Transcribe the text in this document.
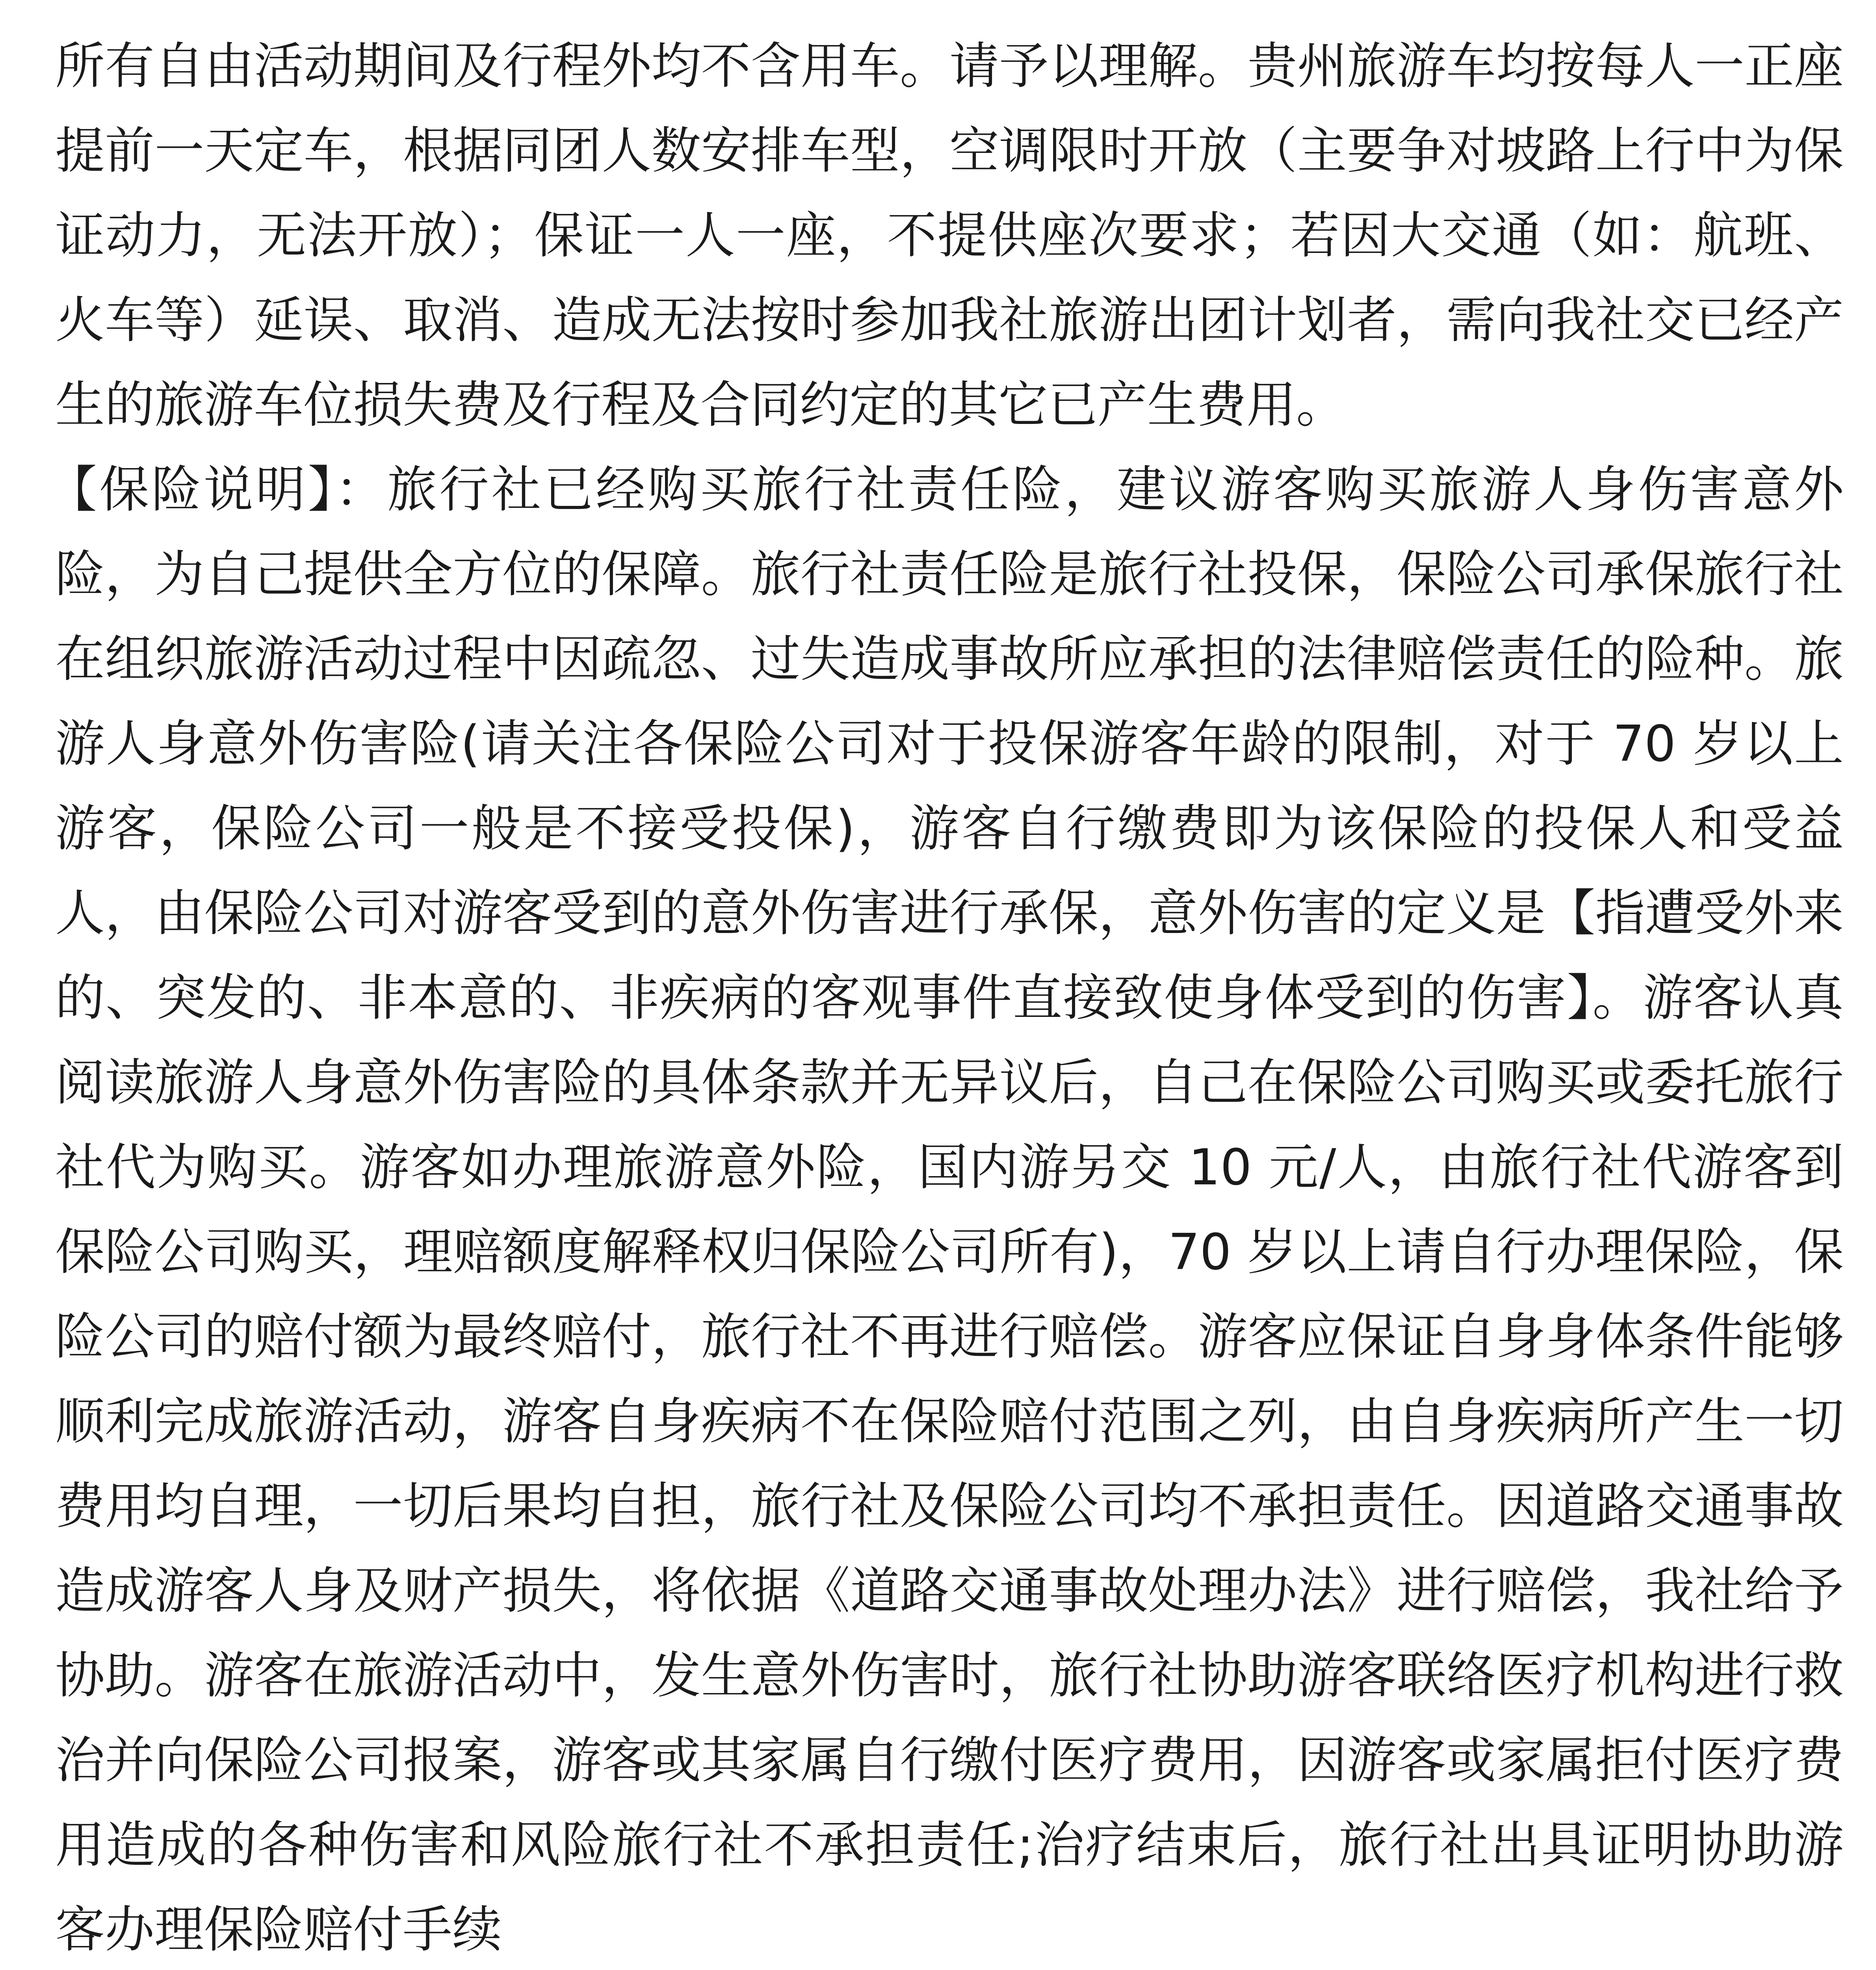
所有自由活动期间及行程外均不含用车。请予以理解。贵州旅游车均按每人一正座提前一天定车，根据同团人数安排车型，空调限时开放（主要争对坡路上行中为保证动力，无法开放）；保证一人一座，不提供座次要求；若因大交通（如：航班、火车等）延误、取消、造成无法按时参加我社旅游出团计划者，需向我社交已经产生的旅游车位损失费及行程及合同约定的其它已产生费用。

【保险说明】：旅行社已经购买旅行社责任险，建议游客购买旅游人身伤害意外险，为自己提供全方位的保障。旅行社责任险是旅行社投保，保险公司承保旅行社在组织旅游活动过程中因疏忽、过失造成事故所应承担的法律赔偿责任的险种。旅游人身意外伤害险(请关注各保险公司对于投保游客年龄的限制，对于 70 岁以上游客，保险公司一般是不接受投保)，游客自行缴费即为该保险的投保人和受益人，由保险公司对游客受到的意外伤害进行承保，意外伤害的定义是【指遭受外来的、突发的、非本意的、非疾病的客观事件直接致使身体受到的伤害】。游客认真阅读旅游人身意外伤害险的具体条款并无异议后，自己在保险公司购买或委托旅行社代为购买。游客如办理旅游意外险，国内游另交 10 元/人，由旅行社代游客到保险公司购买，理赔额度解释权归保险公司所有)，70 岁以上请自行办理保险，保险公司的赔付额为最终赔付，旅行社不再进行赔偿。游客应保证自身身体条件能够顺利完成旅游活动，游客自身疾病不在保险赔付范围之列，由自身疾病所产生一切费用均自理，一切后果均自担，旅行社及保险公司均不承担责任。因道路交通事故造成游客人身及财产损失，将依据《道路交通事故处理办法》进行赔偿，我社给予协助。游客在旅游活动中，发生意外伤害时，旅行社协助游客联络医疗机构进行救治并向保险公司报案，游客或其家属自行缴付医疗费用，因游客或家属拒付医疗费用造成的各种伤害和风险旅行社不承担责任;治疗结束后，旅行社出具证明协助游客办理保险赔付手续
